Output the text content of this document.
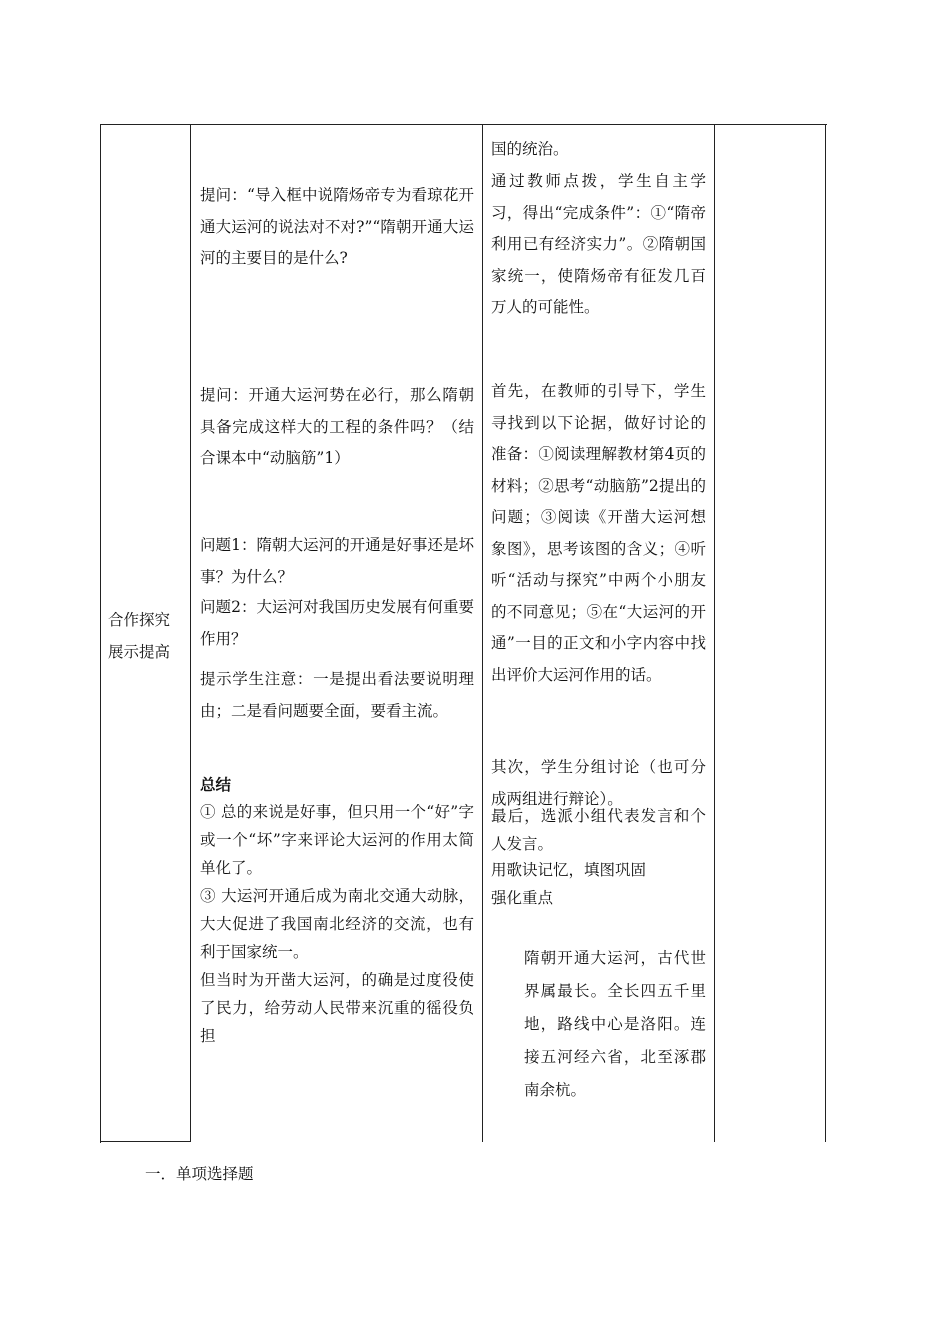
合作探究
展示提高
提问：“导入框中说隋炀帝专为看琼花开通大运河的说法对不对?”“隋朝开通大运河的主要目的是什么?
提问：开通大运河势在必行，那么隋朝具备完成这样大的工程的条件吗？（结合课本中“动脑筋”1）
问题1：隋朝大运河的开通是好事还是坏事？为什么？
问题2：大运河对我国历史发展有何重要作用？
提示学生注意：一是提出看法要说明理由；二是看问题要全面，要看主流。
总结
① 总的来说是好事，但只用一个“好”字或一个“坏”字来评论大运河的作用太简单化了。
③ 大运河开通后成为南北交通大动脉，大大促进了我国南北经济的交流，也有利于国家统一。
但当时为开凿大运河，的确是过度役使了民力，给劳动人民带来沉重的徭役负担
国的统治。
通过教师点拨，学生自主学习，得出“完成条件”：①“隋帝利用已有经济实力”。②隋朝国家统一，使隋炀帝有征发几百万人的可能性。
首先，在教师的引导下，学生寻找到以下论据，做好讨论的准备：①阅读理解教材第4页的材料；②思考“动脑筋”2提出的问题；③阅读《开凿大运河想象图》，思考该图的含义；④听听“活动与探究”中两个小朋友的不同意见；⑤在“大运河的开通”一目的正文和小字内容中找出评价大运河作用的话。
其次，学生分组讨论（也可分成两组进行辩论）。
最后，选派小组代表发言和个人发言。
用歌诀记忆，填图巩固
强化重点
隋朝开通大运河，古代世界属最长。全长四五千里地，路线中心是洛阳。连接五河经六省，北至涿郡南余杭。
一．单项选择题
